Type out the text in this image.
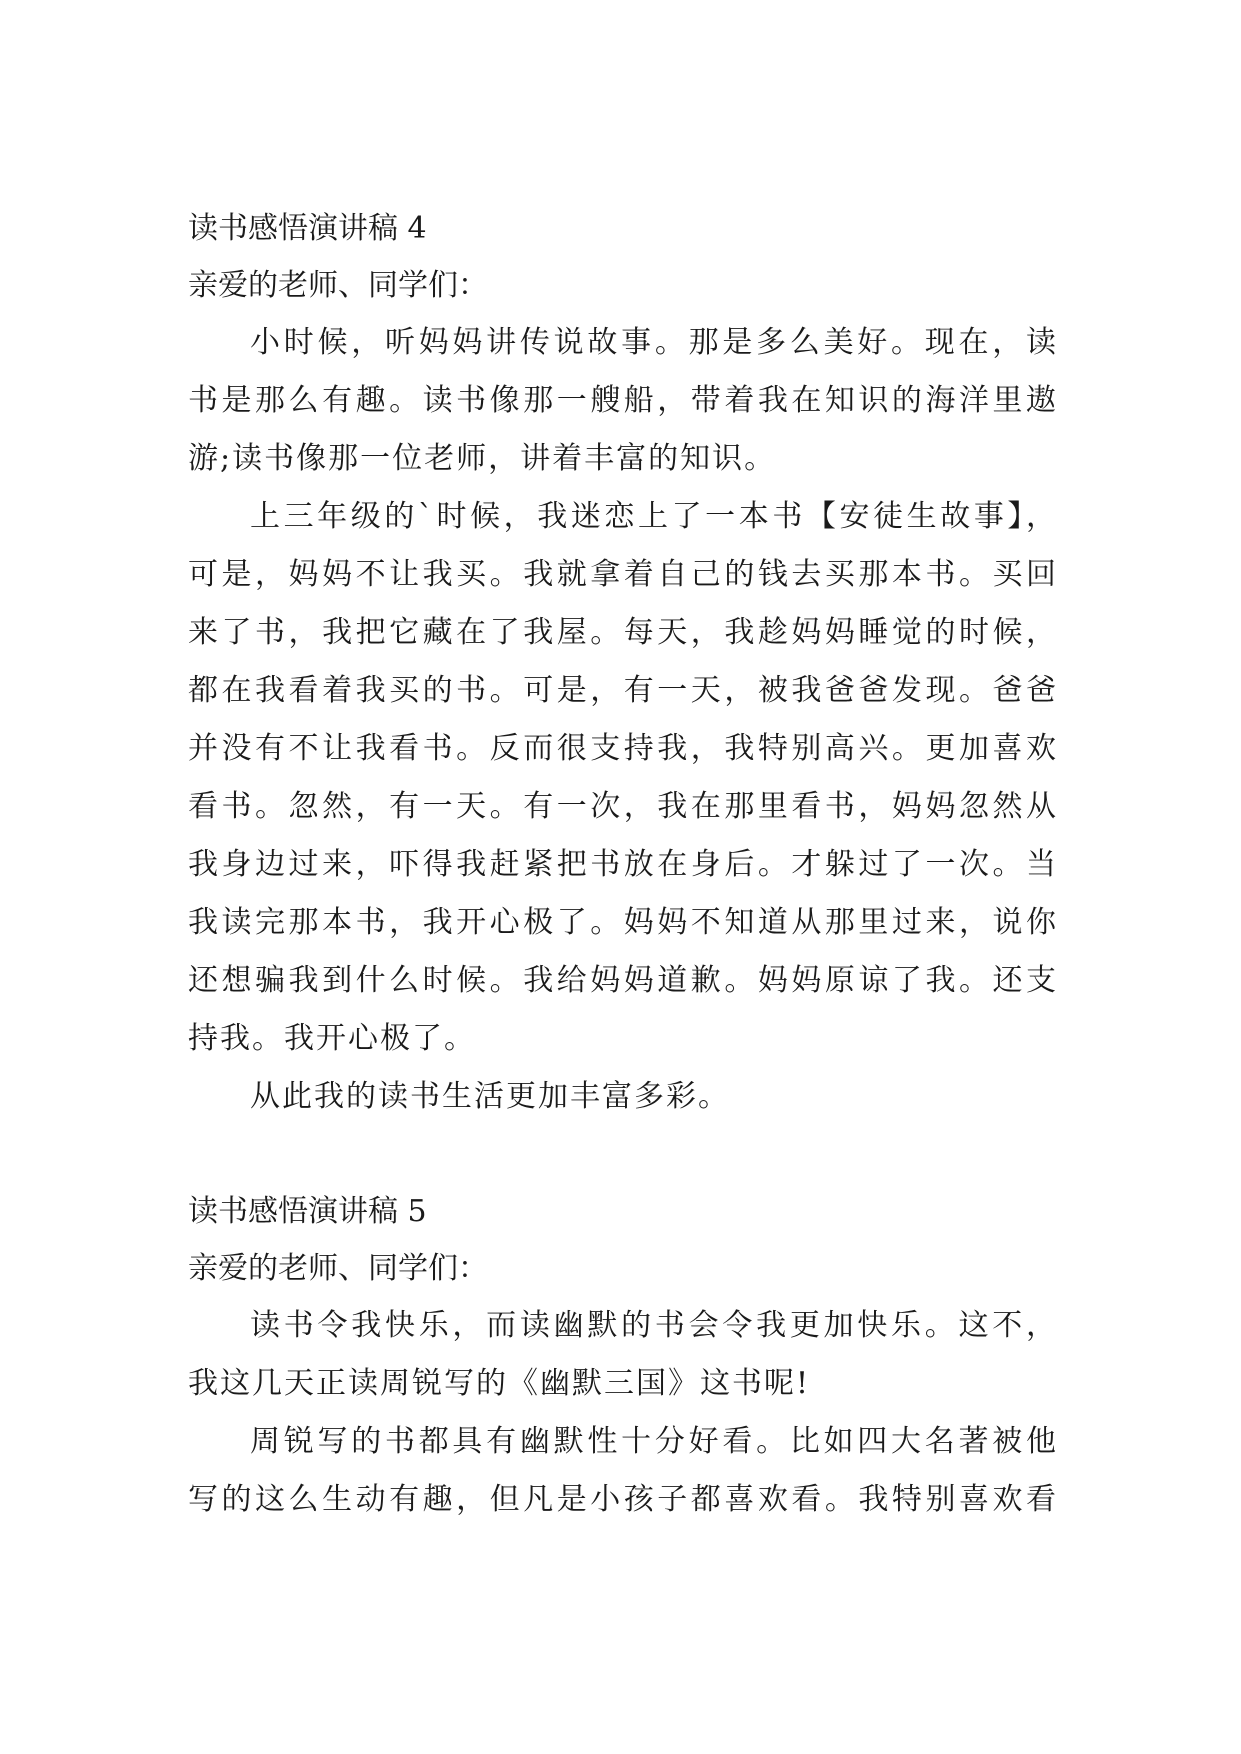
读书感悟演讲稿 4

亲爱的老师、同学们：

小时候，听妈妈讲传说故事。那是多么美好。现在，读
书是那么有趣。读书像那一艘船，带着我在知识的海洋里遨
游;读书像那一位老师，讲着丰富的知识。
上三年级的`时候，我迷恋上了一本书【安徒生故事】，
可是，妈妈不让我买。我就拿着自己的钱去买那本书。买回
来了书，我把它藏在了我屋。每天，我趁妈妈睡觉的时候，
都在我看着我买的书。可是，有一天，被我爸爸发现。爸爸
并没有不让我看书。反而很支持我，我特别高兴。更加喜欢
看书。忽然，有一天。有一次，我在那里看书，妈妈忽然从
我身边过来，吓得我赶紧把书放在身后。才躲过了一次。当
我读完那本书，我开心极了。妈妈不知道从那里过来，说你
还想骗我到什么时候。我给妈妈道歉。妈妈原谅了我。还支
持我。我开心极了。
从此我的读书生活更加丰富多彩。

读书感悟演讲稿 5

亲爱的老师、同学们：

读书令我快乐，而读幽默的书会令我更加快乐。这不，
我这几天正读周锐写的《幽默三国》这书呢!
周锐写的书都具有幽默性十分好看。比如四大名著被他
写的这么生动有趣，但凡是小孩子都喜欢看。我特别喜欢看
